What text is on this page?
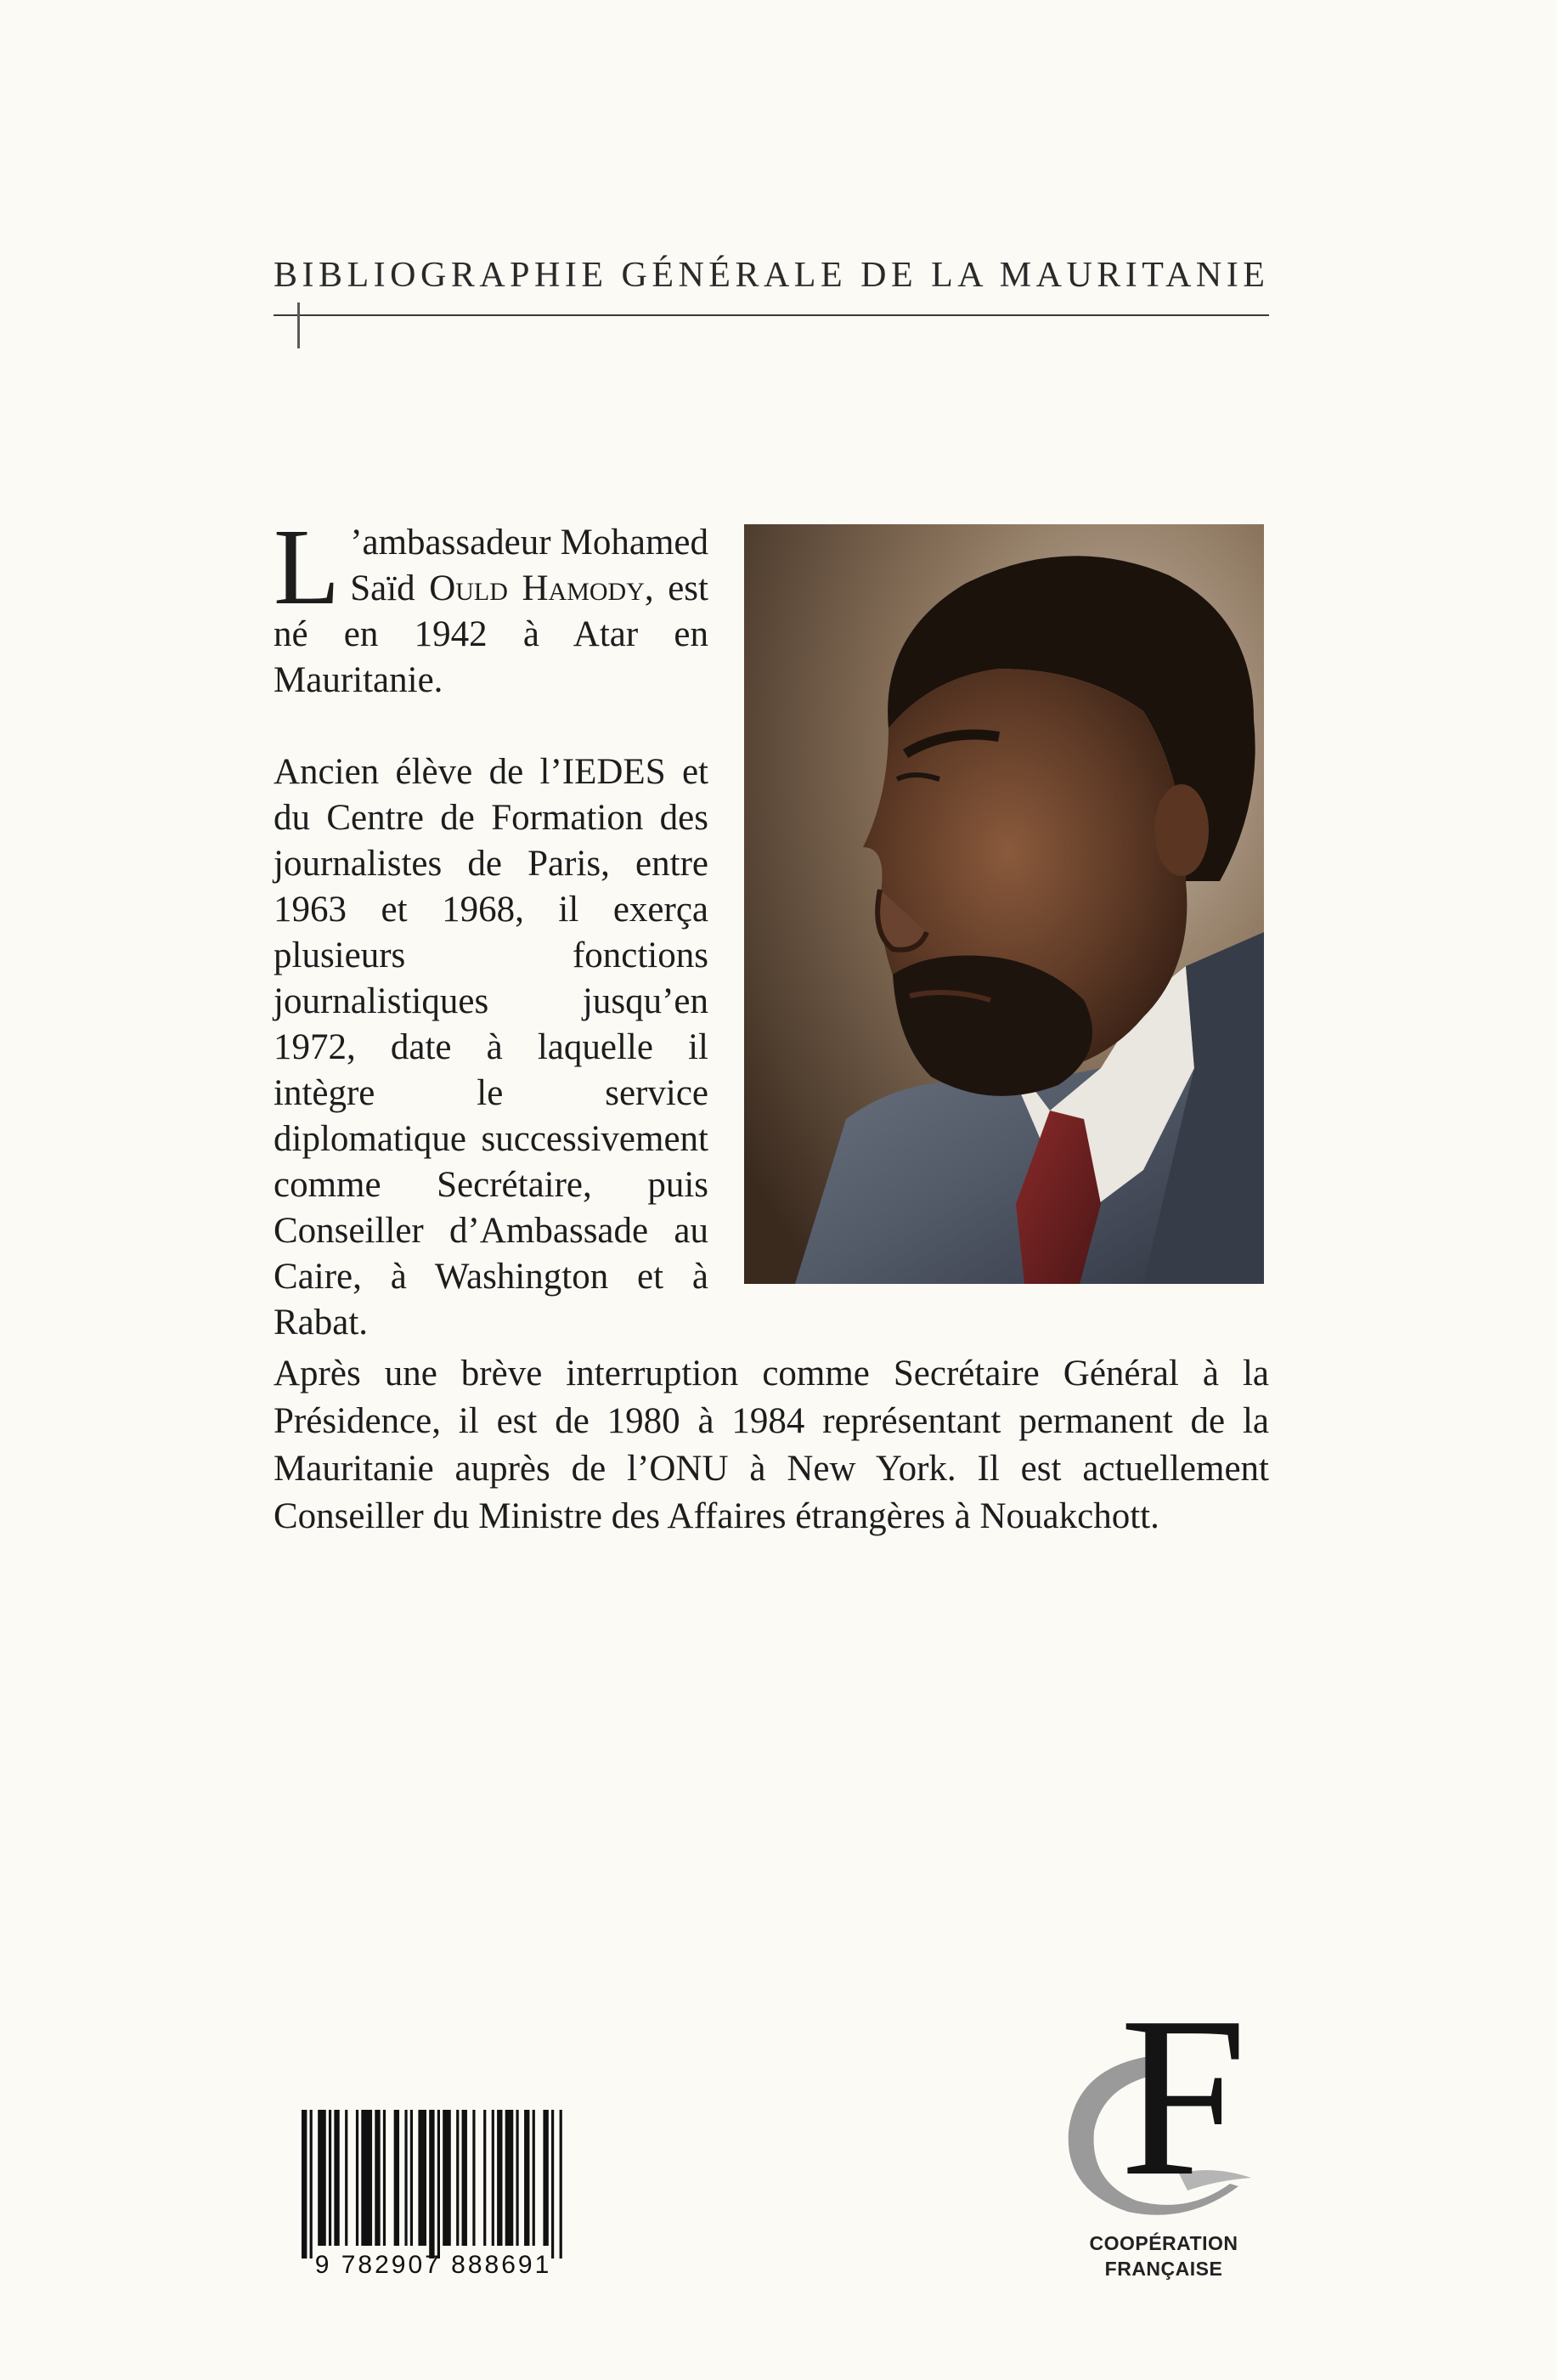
BIBLIOGRAPHIE GÉNÉRALE DE LA MAURITANIE

L ’ambassadeur Mohamed Saïd Ould Hamody, est né en 1942 à Atar en Mauritanie.

Ancien élève de l’IEDES et du Centre de Formation des journalistes de Paris, entre 1963 et 1968, il exerça plusieurs fonctions journalistiques jusqu’en 1972, date à laquelle il intègre le service diplomatique successivement comme Secrétaire, puis Conseiller d’Ambassade au Caire, à Washington et à Rabat.

Après une brève interruption comme Secrétaire Général à la Présidence, il est de 1980 à 1984 représentant permanent de la Mauritanie auprès de l’ONU à New York. Il est actuellement Conseiller du Ministre des Affaires étrangères à Nouakchott.

9 782907 888691
F
COOPÉRATION
FRANÇAISE
